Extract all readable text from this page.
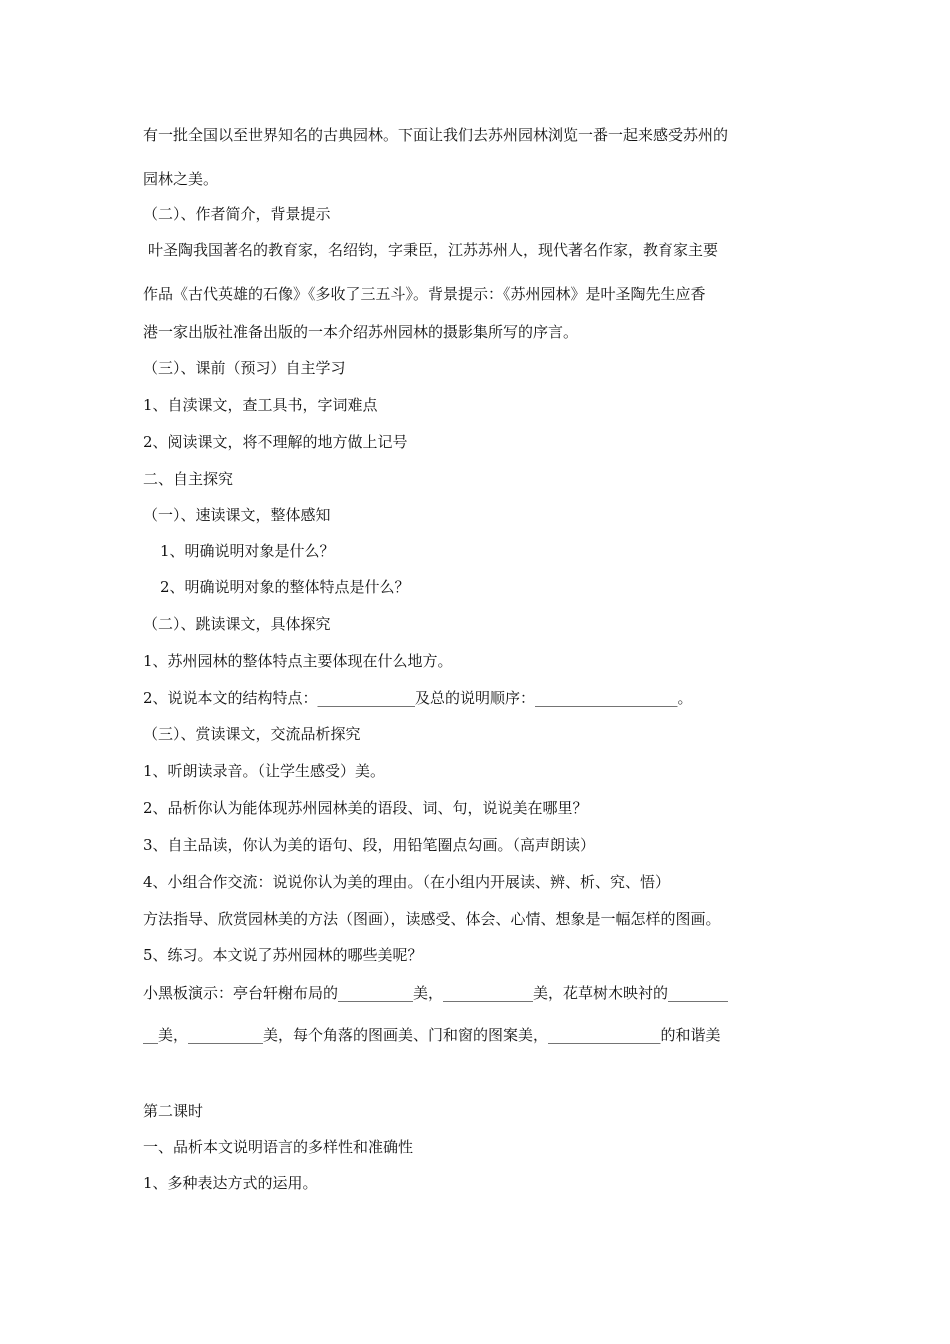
有一批全国以至世界知名的古典园林。下面让我们去苏州园林浏览一番一起来感受苏州的
园林之美。
（二）、作者简介，背景提示
叶圣陶我国著名的教育家，名绍钧，字秉臣，江苏苏州人，现代著名作家，教育家主要
作品《古代英雄的石像》《多收了三五斗》。背景提示：《苏州园林》是叶圣陶先生应香
港一家出版社准备出版的一本介绍苏州园林的摄影集所写的序言。
（三）、课前（预习）自主学习
1、自渎课文，查工具书，字词难点
2、阅读课文，将不理解的地方做上记号
二、自主探究
（一）、速读课文，整体感知
1、明确说明对象是什么？
2、明确说明对象的整体特点是什么？
（二）、跳读课文，具体探究
1、苏州园林的整体特点主要体现在什么地方。
2、说说本文的结构特点：_____________及总的说明顺序：___________________。
（三）、赏读课文，交流品析探究
1、听朗读录音。（让学生感受）美。
2、品析你认为能体现苏州园林美的语段、词、句，说说美在哪里？
3、自主品读，你认为美的语句、段，用铅笔圈点勾画。（高声朗读）
4、小组合作交流：说说你认为美的理由。（在小组内开展读、辨、析、究、悟）
方法指导、欣赏园林美的方法（图画），读感受、体会、心情、想象是一幅怎样的图画。
5、练习。本文说了苏州园林的哪些美呢？
小黑板演示：亭台轩榭布局的__________美，____________美，花草树木映衬的________
__美，__________美，每个角落的图画美、门和窗的图案美，_______________的和谐美
第二课时
一、品析本文说明语言的多样性和准确性
1、多种表达方式的运用。
